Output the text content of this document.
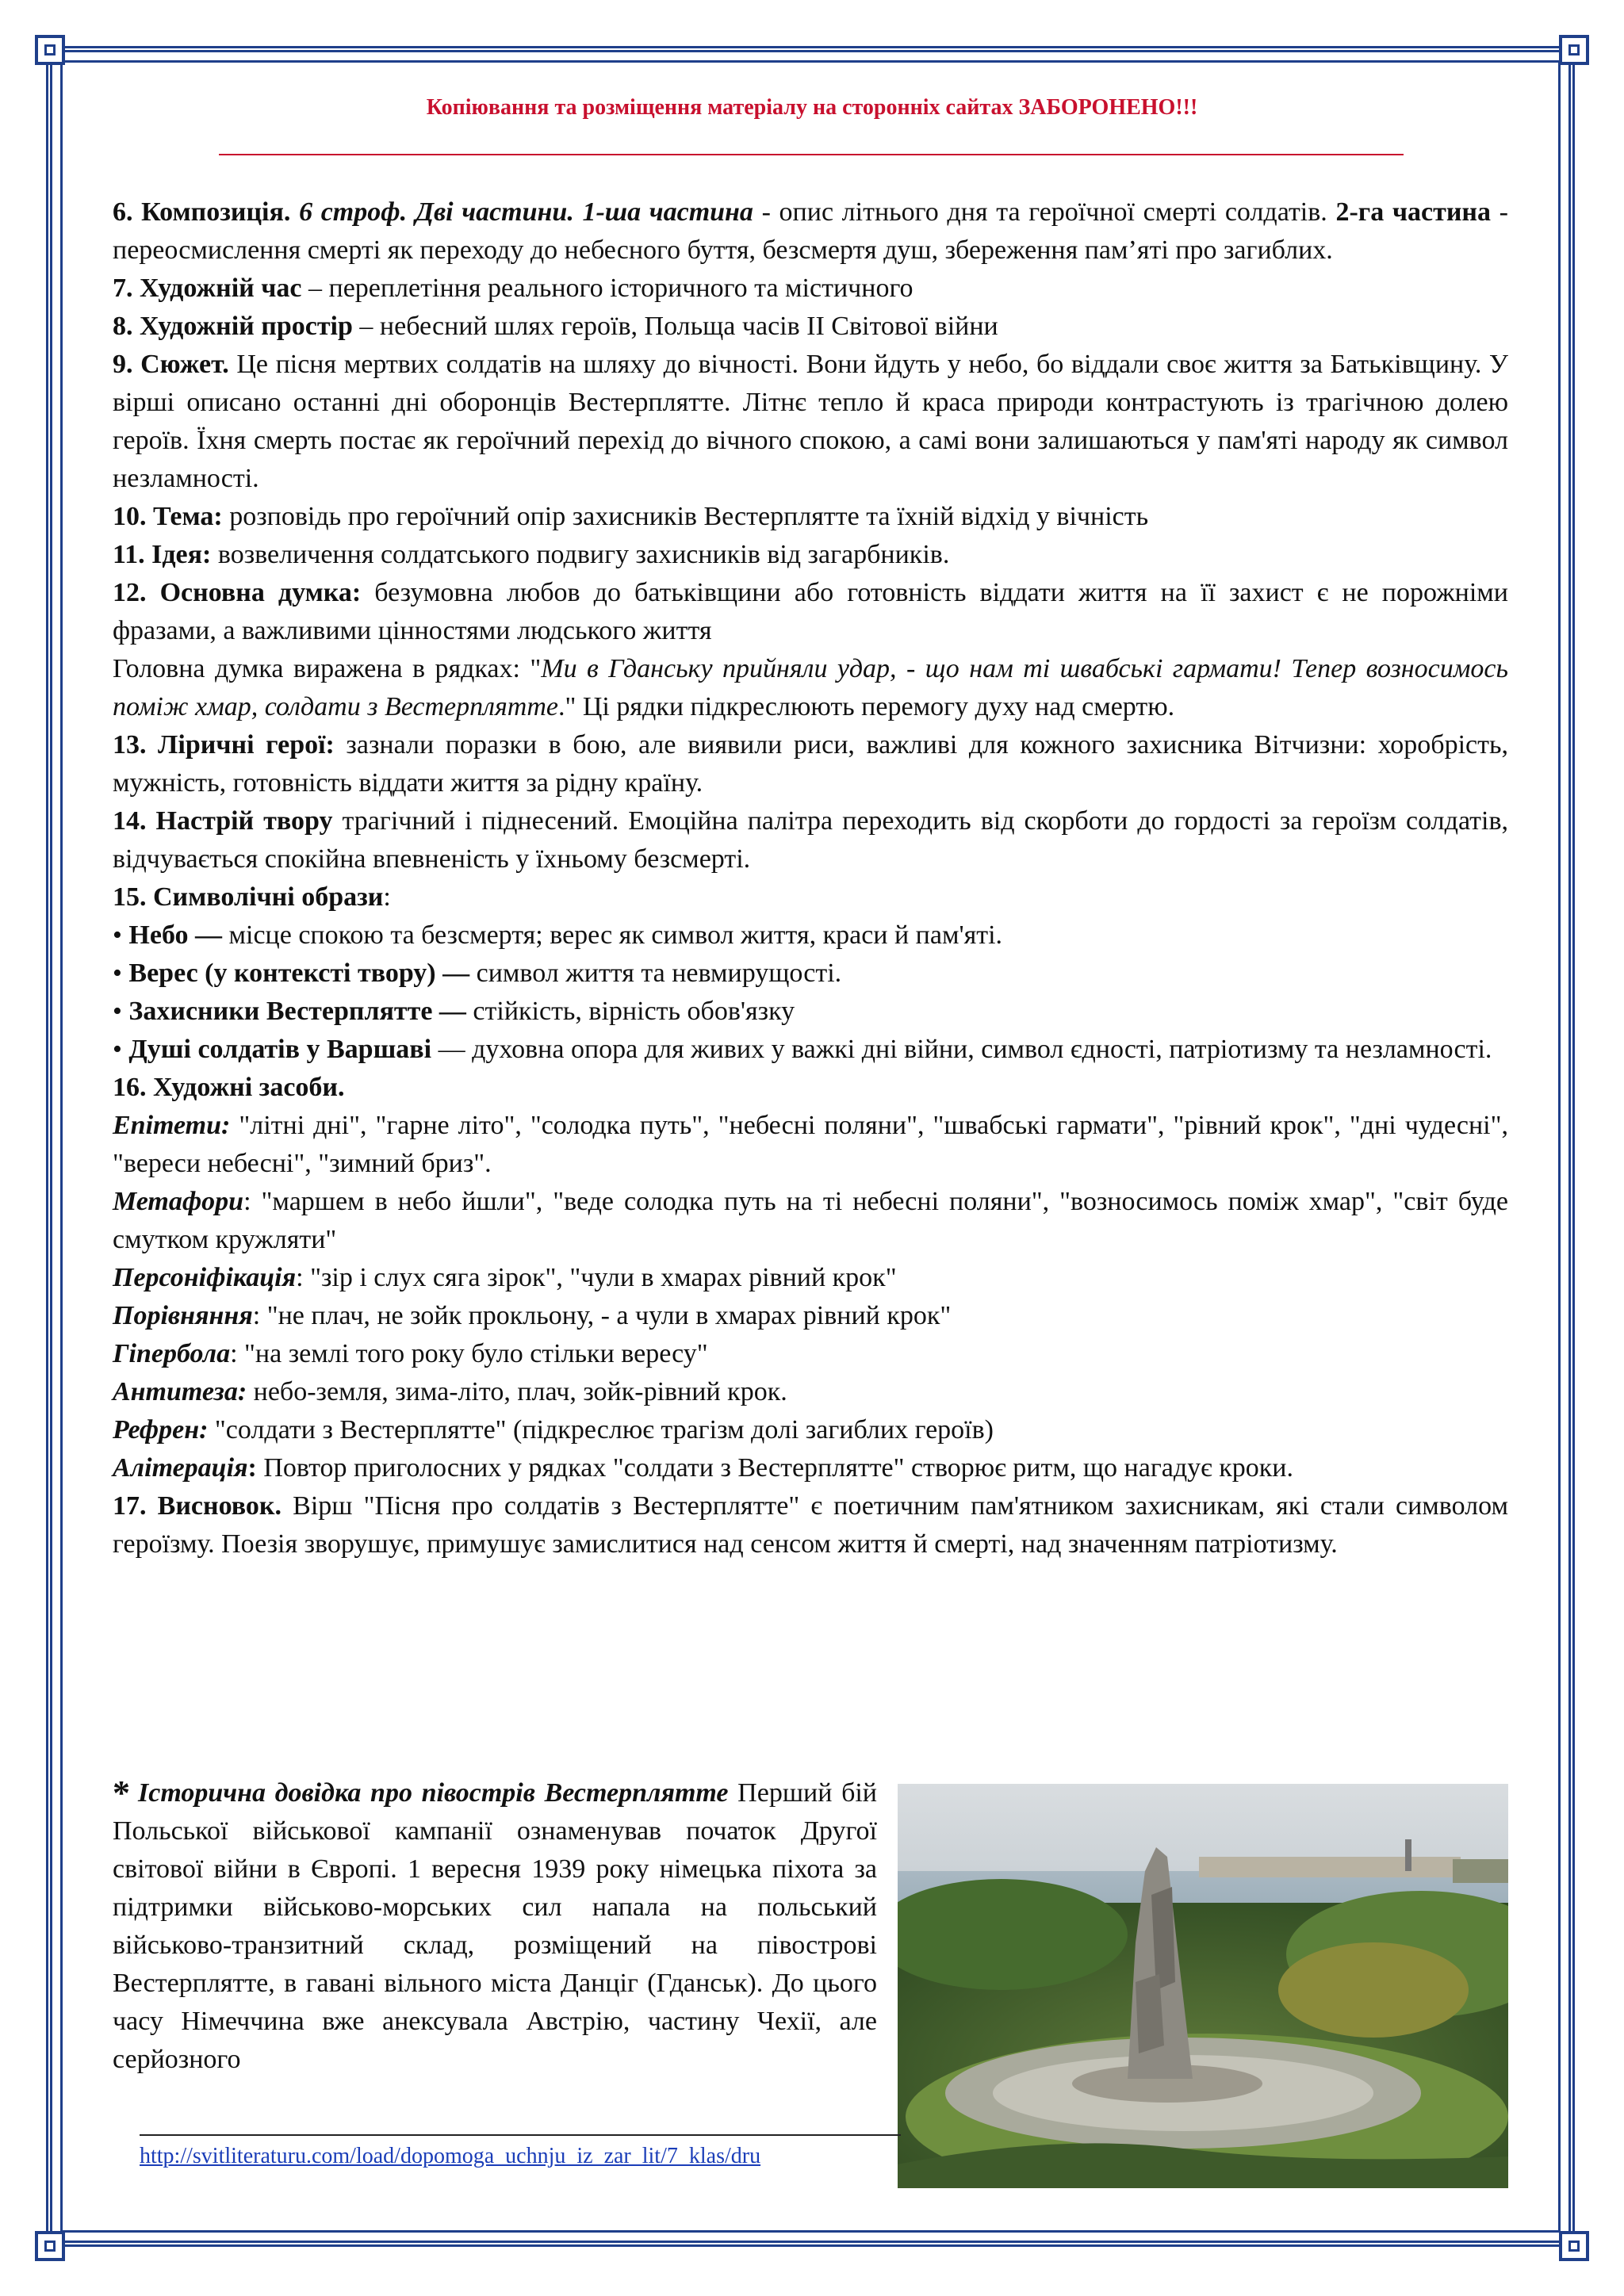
Копіювання та розміщення матеріалу на сторонніх сайтах ЗАБОРОНЕНО!!!

6. Композиція. 6 строф. Дві частини. 1-ша частина - опис літнього дня та героїчної смерті солдатів. 2-га частина - переосмислення смерті як переходу до небесного буття, безсмертя душ, збереження пам’яті про загиблих.

7. Художній час – переплетіння реального історичного та містичного

8. Художній простір – небесний шлях героїв, Польща часів ІІ Світової війни

9. Сюжет. Це пісня мертвих солдатів на шляху до вічності. Вони йдуть у небо, бо віддали своє життя за Батьківщину. У вірші описано останні дні оборонців Вестерплятте. Літнє тепло й краса природи контрастують із трагічною долею героїв. Їхня смерть постає як героїчний перехід до вічного спокою, а самі вони залишаються у пам'яті народу як символ незламності.

10. Тема: розповідь про героїчний опір захисників Вестерплятте та їхній відхід у вічність

11. Ідея: возвеличення солдатського подвигу захисників від загарбників.

12. Основна думка: безумовна любов до батьківщини або готовність віддати життя на її захист є не порожніми фразами, а важливими цінностями людського життя

Головна думка виражена в рядках: "Ми в Гданську прийняли удар, - що нам ті швабські гармати! Тепер возносимось поміж хмар, солдати з Вестерплятте." Ці рядки підкреслюють перемогу духу над смертю.

13. Ліричні герої: зазнали поразки в бою, але виявили риси, важливі для кожного захисника Вітчизни: хоробрість, мужність, готовність віддати життя за рідну країну.

14. Настрій твору трагічний і піднесений. Емоційна палітра переходить від скорботи до гордості за героїзм солдатів, відчувається спокійна впевненість у їхньому безсмерті.

15. Символічні образи:

• Небо — місце спокою та безсмертя; верес як символ життя, краси й пам'яті.

• Верес (у контексті твору) — символ життя та невмирущості.

• Захисники Вестерплятте — стійкість, вірність обов'язку

• Душі солдатів у Варшаві — духовна опора для живих у важкі дні війни, символ єдності, патріотизму та незламності.

16. Художні засоби.

Епітети: "літні дні", "гарне літо", "солодка путь", "небесні поляни", "швабські гармати", "рівний крок", "дні чудесні", "вереси небесні", "зимний бриз".

Метафори: "маршем в небо йшли", "веде солодка путь на ті небесні поляни", "возносимось поміж хмар", "світ буде смутком кружляти"

Персоніфікація: "зір і слух сяга зірок", "чули в хмарах рівний крок"

Порівняння: "не плач, не зойк прокльону, - а чули в хмарах рівний крок"

Гіпербола: "на землі того року було стільки вересу"

Антитеза: небо-земля, зима-літо, плач, зойк-рівний крок.

Рефрен: "солдати з Вестерплятте" (підкреслює трагізм долі загиблих героїв)

Алітерація: Повтор приголосних у рядках "солдати з Вестерплятте" створює ритм, що нагадує кроки.

17. Висновок. Вірш "Пісня про солдатів з Вестерплятте" є поетичним пам'ятником захисникам, які стали символом героїзму. Поезія зворушує, примушує замислитися над сенсом життя й смерті, над значенням патріотизму.

* Історична довідка про півострів Вестерплятте Перший бій Польської військової кампанії ознаменував початок Другої світової війни в Європі. 1 вересня 1939 року німецька піхота за підтримки військово-морських сил напала на польський військово-транзитний склад, розміщений на півострові Вестерплятте, в гавані вільного міста Данціг (Гданськ). До цього часу Німеччина вже анексувала Австрію, частину Чехії, але серйозного
http://svitliteraturu.com/load/dopomoga_uchnju_iz_zar_lit/7_klas/dru
